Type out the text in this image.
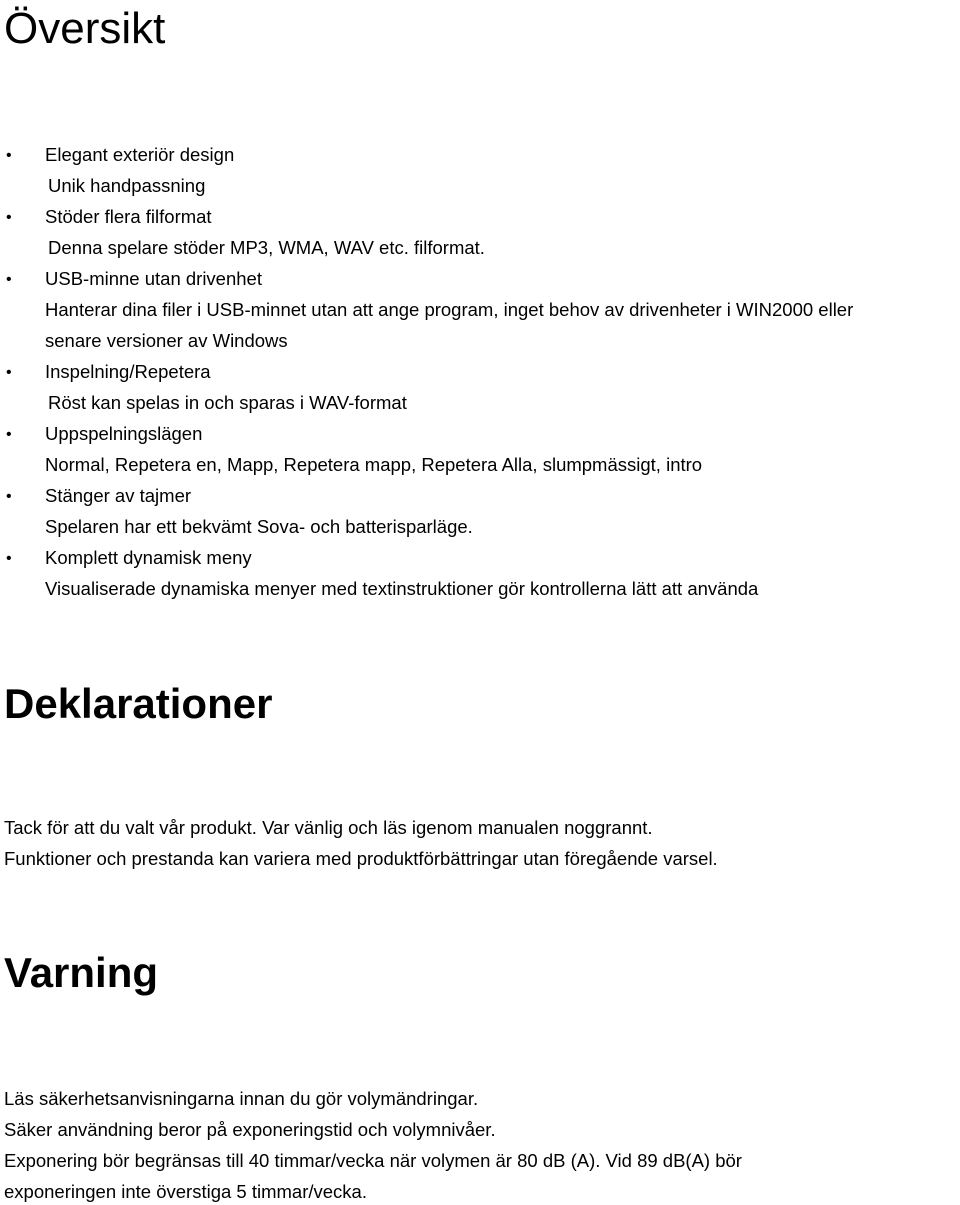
Översikt
• Elegant exteriör design
Unik handpassning
• Stöder flera filformat
Denna spelare stöder MP3, WMA, WAV etc. filformat.
• USB-minne utan drivenhet
Hanterar dina filer i USB-minnet utan att ange program, inget behov av drivenheter i WIN2000 eller
senare versioner av Windows
• Inspelning/Repetera
Röst kan spelas in och sparas i WAV-format
• Uppspelningslägen
Normal, Repetera en, Mapp, Repetera mapp, Repetera Alla, slumpmässigt, intro
• Stänger av tajmer
Spelaren har ett bekvämt Sova- och batterisparläge.
• Komplett dynamisk meny
Visualiserade dynamiska menyer med textinstruktioner gör kontrollerna lätt att använda
Deklarationer
Tack för att du valt vår produkt. Var vänlig och läs igenom manualen noggrannt.
Funktioner och prestanda kan variera med produktförbättringar utan föregående varsel.
Varning
Läs säkerhetsanvisningarna innan du gör volymändringar.
Säker användning beror på exponeringstid och volymnivåer.
Exponering bör begränsas till 40 timmar/vecka när volymen är 80 dB (A). Vid 89 dB(A) bör
exponeringen inte överstiga 5 timmar/vecka.
